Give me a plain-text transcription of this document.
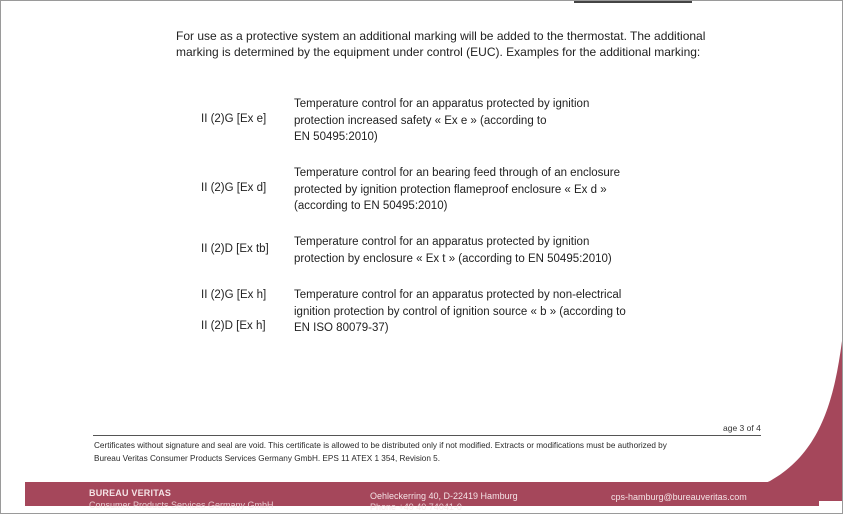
For use as a protective system an additional marking will be added to the thermostat. The additional

marking is determined by the equipment under control (EUC). Examples for the additional marking:

II (2)G [Ex e]

Temperature control for an apparatus protected by ignition

protection increased safety « Ex e » (according to

EN 50495:2010)

II (2)G [Ex d]

Temperature control for an bearing feed through of an enclosure

protected by ignition protection flameproof enclosure « Ex d »

(according to EN 50495:2010)

II (2)D [Ex tb]

Temperature control for an apparatus protected by ignition

protection by enclosure « Ex t » (according to EN 50495:2010)

II (2)G [Ex h]
II (2)D [Ex h]

Temperature control for an apparatus protected by non-electrical

ignition protection by control of ignition source « b » (according to

EN ISO 80079-37)

age 3 of 4

Certificates without signature and seal are void. This certificate is allowed to be distributed only if not modified. Extracts or modifications must be authorized by

Bureau Veritas Consumer Products Services Germany GmbH. EPS 11 ATEX 1 354, Revision 5.

BUREAU VERITAS
Consumer Products Services Germany GmbH
Oehleckerring 40, D-22419 Hamburg
Phone +49 40 74041-0
cps-hamburg@bureauveritas.com
